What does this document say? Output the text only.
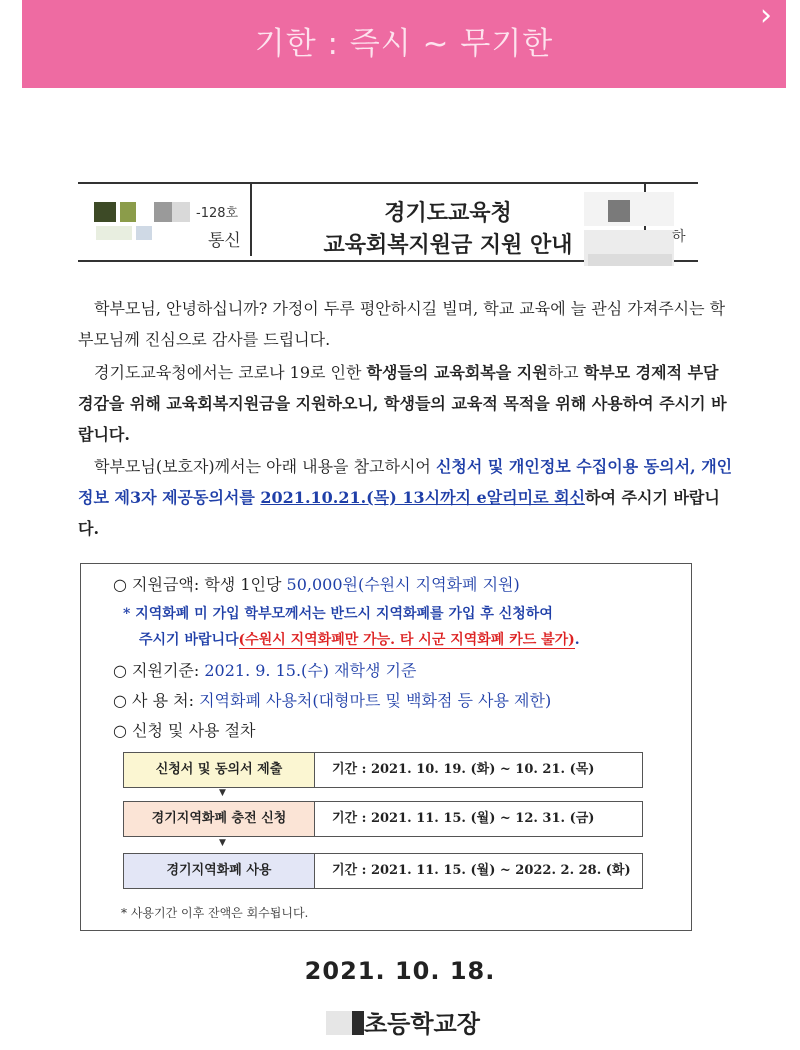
기한 : 즉시 ~ 무기한
›
-128호
통신
경기도교육청
교육회복지원금 지원 안내	하
학부모님, 안녕하십니까? 가정이 두루 평안하시길 빌며, 학교 교육에 늘 관심 가져주시는 학부모님께 진심으로 감사를 드립니다.
경기도교육청에서는 코로나 19로 인한 학생들의 교육회복을 지원하고 학부모 경제적 부담 경감을 위해 교육회복지원금을 지원하오니, 학생들의 교육적 목적을 위해 사용하여 주시기 바랍니다.
학부모님(보호자)께서는 아래 내용을 참고하시어 신청서 및 개인정보 수집이용 동의서, 개인정보 제3자 제공동의서를 2021.10.21.(목) 13시까지 e알리미로 회신하여 주시기 바랍니다.
○ 지원금액: 학생 1인당 50,000원(수원시 지역화폐 지원)
* 지역화폐 미 가입 학부모께서는 반드시 지역화폐를 가입 후 신청하여
주시기 바랍니다(수원시 지역화폐만 가능. 타 시군 지역화폐 카드 불가).
○ 지원기준: 2021. 9. 15.(수) 재학생 기준
○ 사 용 처: 지역화폐 사용처(대형마트 및 백화점 등 사용 제한)
○ 신청 및 사용 절차
신청서 및 동의서 제출	기간 : 2021. 10. 19. (화) ~ 10. 21. (목)
▼
경기지역화폐 충전 신청	기간 : 2021. 11. 15. (월) ~ 12. 31. (금)
▼
경기지역화폐 사용	기간 : 2021. 11. 15. (월) ~ 2022. 2. 28. (화)
* 사용기간 이후 잔액은 회수됩니다.
2021. 10. 18.
초등학교장
